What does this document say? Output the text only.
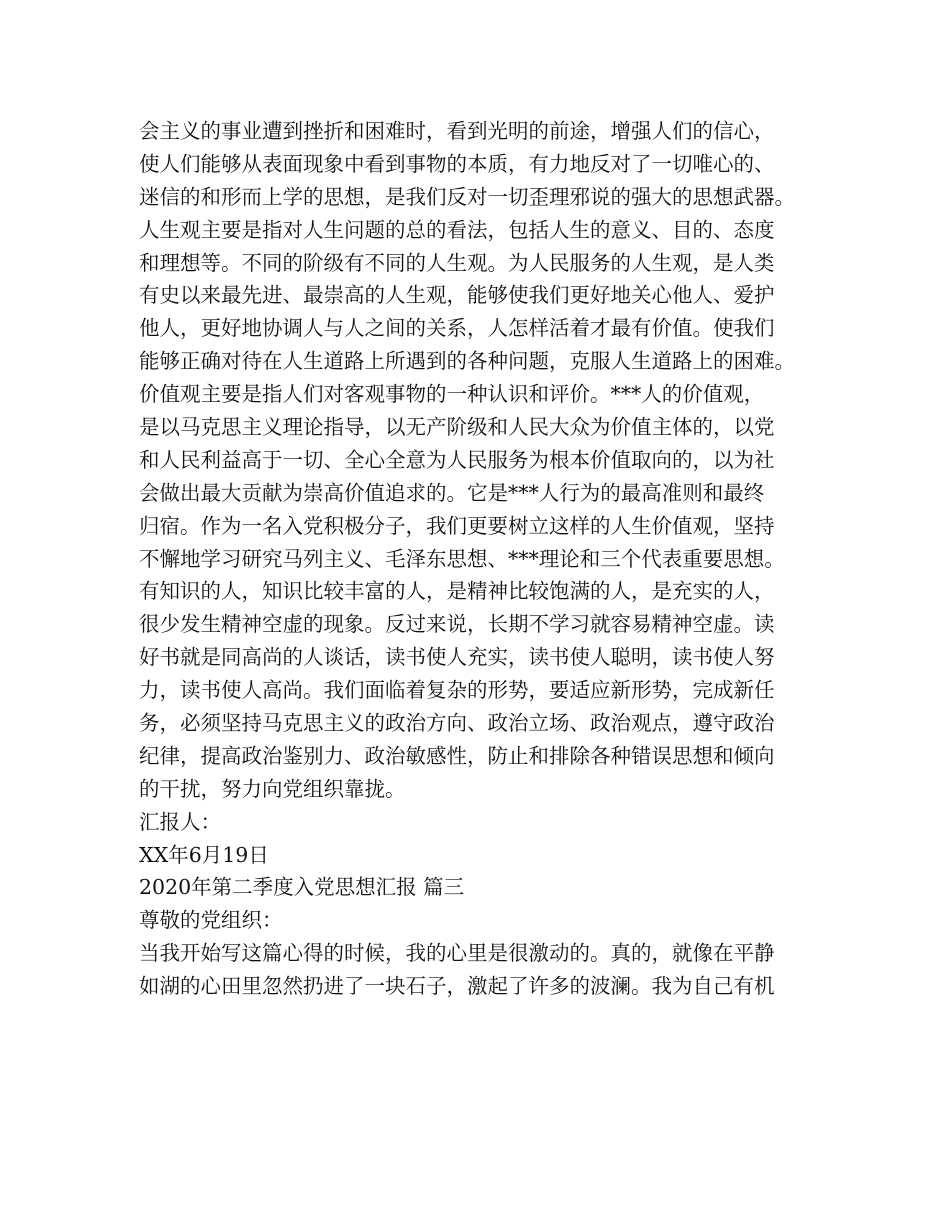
会主义的事业遭到挫折和困难时，看到光明的前途，增强人们的信心，
使人们能够从表面现象中看到事物的本质，有力地反对了一切唯心的、
迷信的和形而上学的思想，是我们反对一切歪理邪说的强大的思想武器。
人生观主要是指对人生问题的总的看法，包括人生的意义、目的、态度
和理想等。不同的阶级有不同的人生观。为人民服务的人生观，是人类
有史以来最先进、最崇高的人生观，能够使我们更好地关心他人、爱护
他人，更好地协调人与人之间的关系，人怎样活着才最有价值。使我们
能够正确对待在人生道路上所遇到的各种问题，克服人生道路上的困难。
价值观主要是指人们对客观事物的一种认识和评价。***人的价值观，
是以马克思主义理论指导，以无产阶级和人民大众为价值主体的，以党
和人民利益高于一切、全心全意为人民服务为根本价值取向的，以为社
会做出最大贡献为崇高价值追求的。它是***人行为的最高准则和最终
归宿。作为一名入党积极分子，我们更要树立这样的人生价值观，坚持
不懈地学习研究马列主义、毛泽东思想、***理论和三个代表重要思想。
有知识的人，知识比较丰富的人，是精神比较饱满的人，是充实的人，
很少发生精神空虚的现象。反过来说，长期不学习就容易精神空虚。读
好书就是同高尚的人谈话，读书使人充实，读书使人聪明，读书使人努
力，读书使人高尚。我们面临着复杂的形势，要适应新形势，完成新任
务，必须坚持马克思主义的政治方向、政治立场、政治观点，遵守政治
纪律，提高政治鉴别力、政治敏感性，防止和排除各种错误思想和倾向
的干扰，努力向党组织靠拢。
汇报人：
XX年6月19日
2020年第二季度入党思想汇报 篇三
尊敬的党组织：
当我开始写这篇心得的时候，我的心里是很激动的。真的，就像在平静
如湖的心田里忽然扔进了一块石子，激起了许多的波澜。我为自己有机
